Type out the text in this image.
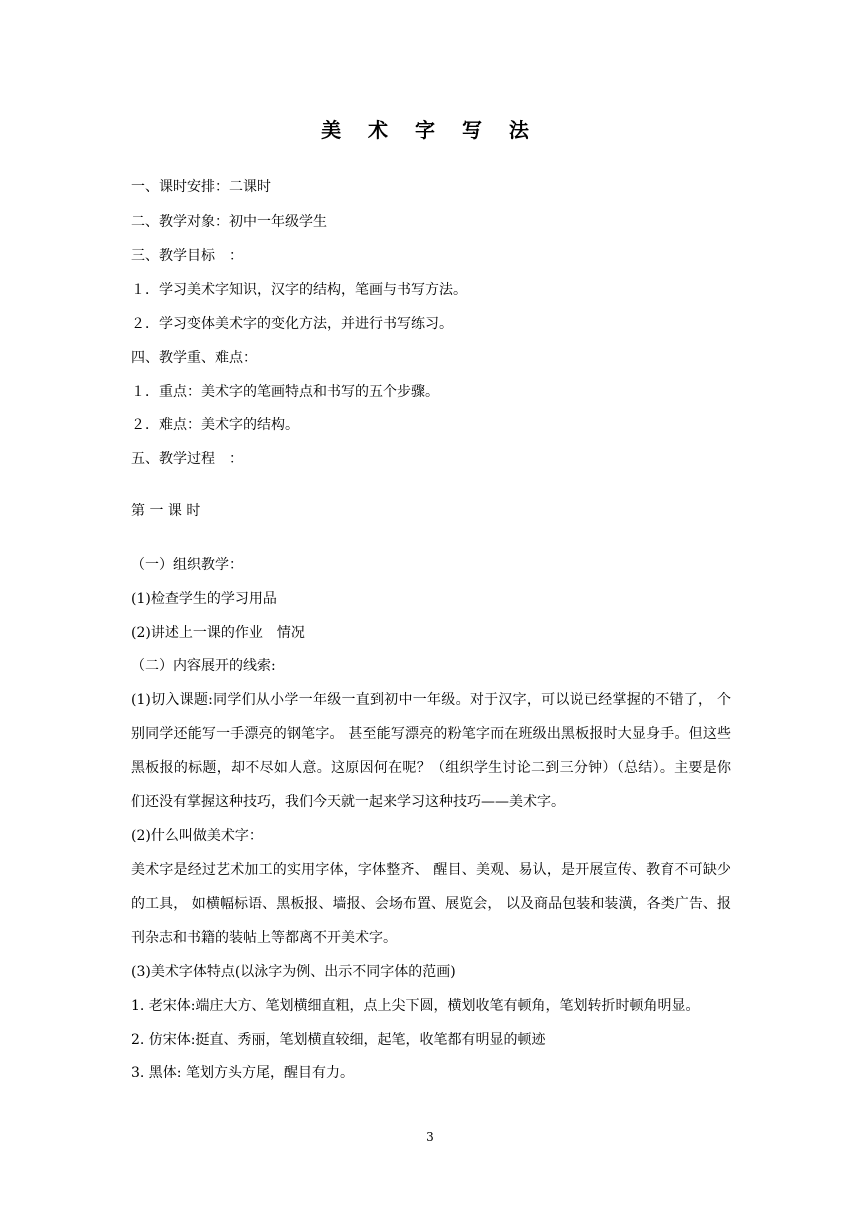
美 术 字 写 法
一、课时安排：二课时
二、教学对象：初中一年级学生
三、教学目标　：
１．学习美术字知识，汉字的结构，笔画与书写方法。
２．学习变体美术字的变化方法，并进行书写练习。
四、教学重、难点：
１．重点：美术字的笔画特点和书写的五个步骤。
２．难点：美术字的结构。
五、教学过程　：
第 一 课 时
（一）组织教学：
(1)检查学生的学习用品
(2)讲述上一课的作业　情况
（二）内容展开的线索:
(1)切入课题:同学们从小学一年级一直到初中一年级。对于汉字，可以说已经掌握的不错了， 个别同学还能写一手漂亮的钢笔字。 甚至能写漂亮的粉笔字而在班级出黑板报时大显身手。但这些黑板报的标题，却不尽如人意。这原因何在呢？（组织学生讨论二到三分钟）（总结）。主要是你们还没有掌握这种技巧，我们今天就一起来学习这种技巧——美术字。
(2)什么叫做美术字：
美术字是经过艺术加工的实用字体，字体整齐、 醒目、美观、易认，是开展宣传、教育不可缺少的工具， 如横幅标语、黑板报、墙报、会场布置、展览会， 以及商品包装和装潢，各类广告、报刊杂志和书籍的装帖上等都离不开美术字。
(3)美术字体特点(以泳字为例、出示不同字体的范画)
1. 老宋体:端庄大方、笔划横细直粗，点上尖下圆，横划收笔有顿角，笔划转折时顿角明显。
2. 仿宋体:挺直、秀丽，笔划横直较细，起笔，收笔都有明显的顿迹
3. 黑体: 笔划方头方尾，醒目有力。
3
